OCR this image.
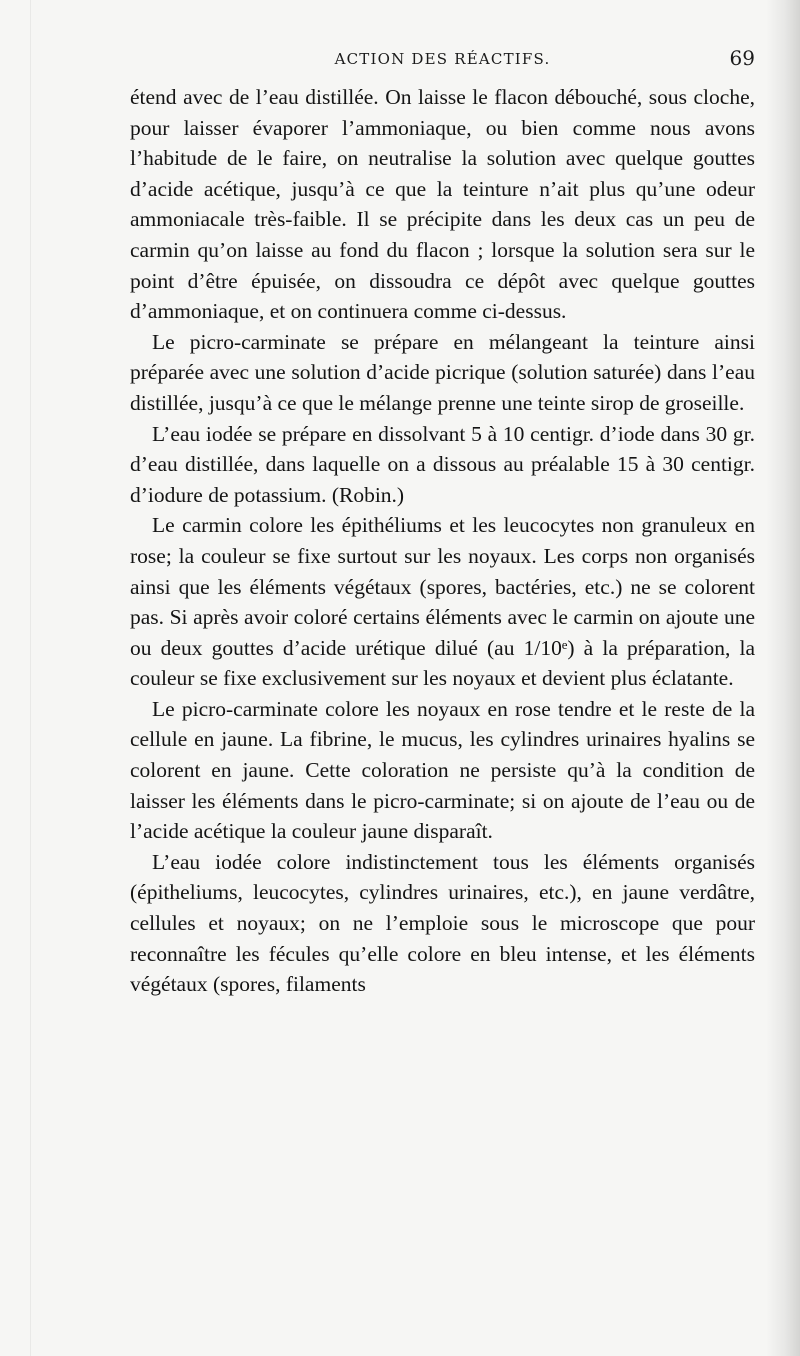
ACTION DES RÉACTIFS.	69

étend avec de l’eau distillée. On laisse le flacon débouché, sous cloche, pour laisser évaporer l’ammoniaque, ou bien comme nous avons l’habitude de le faire, on neutralise la solution avec quelque gouttes d’acide acétique, jusqu’à ce que la teinture n’ait plus qu’une odeur ammoniacale très-faible. Il se précipite dans les deux cas un peu de carmin qu’on laisse au fond du flacon ; lorsque la solution sera sur le point d’être épuisée, on dissoudra ce dépôt avec quelque gouttes d’ammoniaque, et on continuera comme ci-dessus.

Le picro-carminate se prépare en mélangeant la teinture ainsi préparée avec une solution d’acide picrique (solution saturée) dans l’eau distillée, jusqu’à ce que le mélange prenne une teinte sirop de groseille.

L’eau iodée se prépare en dissolvant 5 à 10 centigr. d’iode dans 30 gr. d’eau distillée, dans laquelle on a dissous au préalable 15 à 30 centigr. d’iodure de potassium. (Robin.)

Le carmin colore les épithéliums et les leucocytes non granuleux en rose; la couleur se fixe surtout sur les noyaux. Les corps non organisés ainsi que les éléments végétaux (spores, bactéries, etc.) ne se colorent pas. Si après avoir coloré certains éléments avec le carmin on ajoute une ou deux gouttes d’acide urétique dilué (au 1/10ᵉ) à la préparation, la couleur se fixe exclusivement sur les noyaux et devient plus éclatante.

Le picro-carminate colore les noyaux en rose tendre et le reste de la cellule en jaune. La fibrine, le mucus, les cylindres urinaires hyalins se colorent en jaune. Cette coloration ne persiste qu’à la condition de laisser les éléments dans le picro-carminate; si on ajoute de l’eau ou de l’acide acétique la couleur jaune disparaît.

L’eau iodée colore indistinctement tous les éléments organisés (épitheliums, leucocytes, cylindres urinaires, etc.), en jaune verdâtre, cellules et noyaux; on ne l’emploie sous le microscope que pour reconnaître les fécules qu’elle colore en bleu intense, et les éléments végétaux (spores, filaments
